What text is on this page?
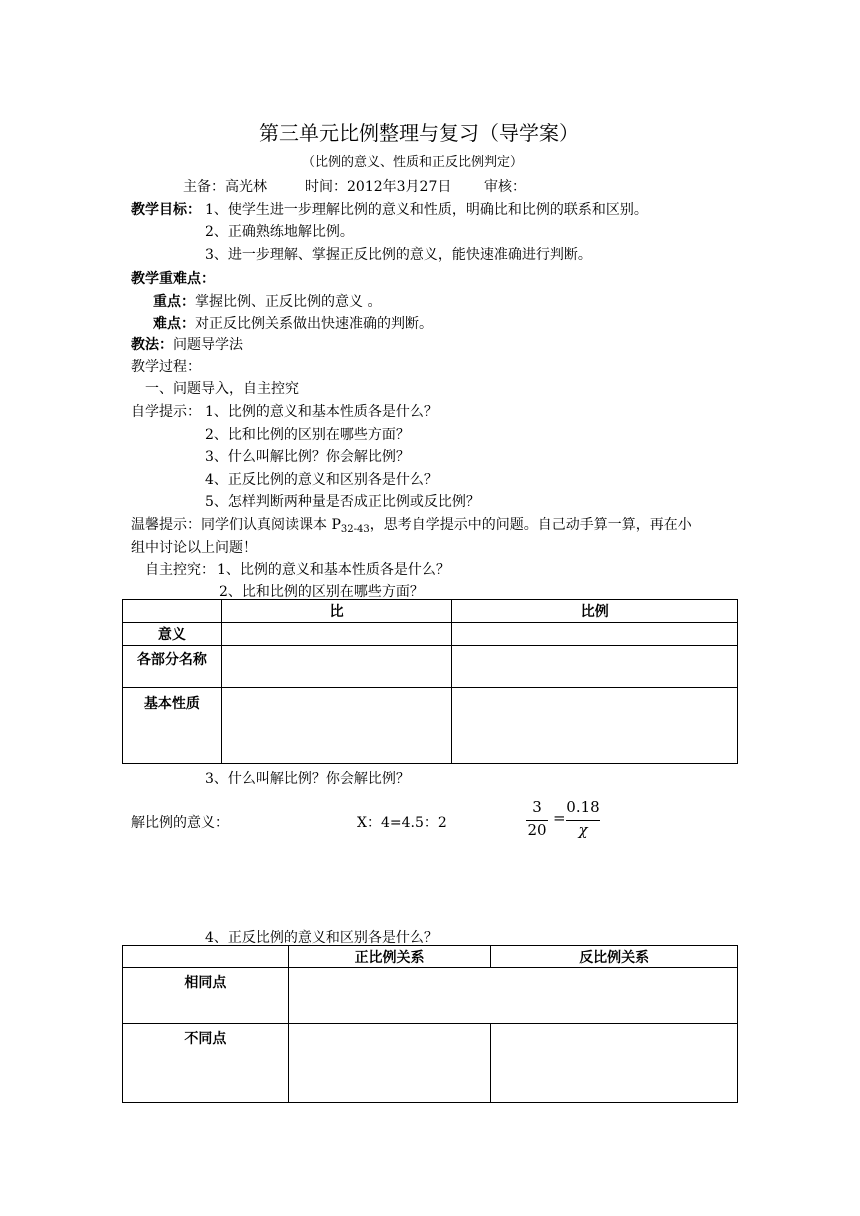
第三单元比例整理与复习（导学案）
（比例的意义、性质和正反比例判定）
主备：高光林	时间：2012年3月27日 审核：
教学目标： 1、使学生进一步理解比例的意义和性质，明确比和比例的联系和区别。
2、正确熟练地解比例。
3、进一步理解、掌握正反比例的意义，能快速准确进行判断。
教学重难点：
重点：掌握比例、正反比例的意义 。
难点：对正反比例关系做出快速准确的判断。
教法：问题导学法
教学过程：
一、问题导入，自主控究
自学提示： 1、比例的意义和基本性质各是什么？
2、比和比例的区别在哪些方面？
3、什么叫解比例？你会解比例？
4、正反比例的意义和区别各是什么？
5、怎样判断两种量是否成正比例或反比例？
温馨提示：同学们认真阅读课本 $P_{32-43}$，思考自学提示中的问题。自己动手算一算，再在小
组中讨论以上问题！
自主控究： 1、比例的意义和基本性质各是什么？
2、比和比例的区别在哪些方面？
	比	比例
意义		
各部分名称		
基本性质		
3、什么叫解比例？你会解比例？
解比例的意义：	X：4=4.5：2
3
20
=
0.18
χ
4、正反比例的意义和区别各是什么？
	正比例关系	反比例关系
相同点		
不同点		
